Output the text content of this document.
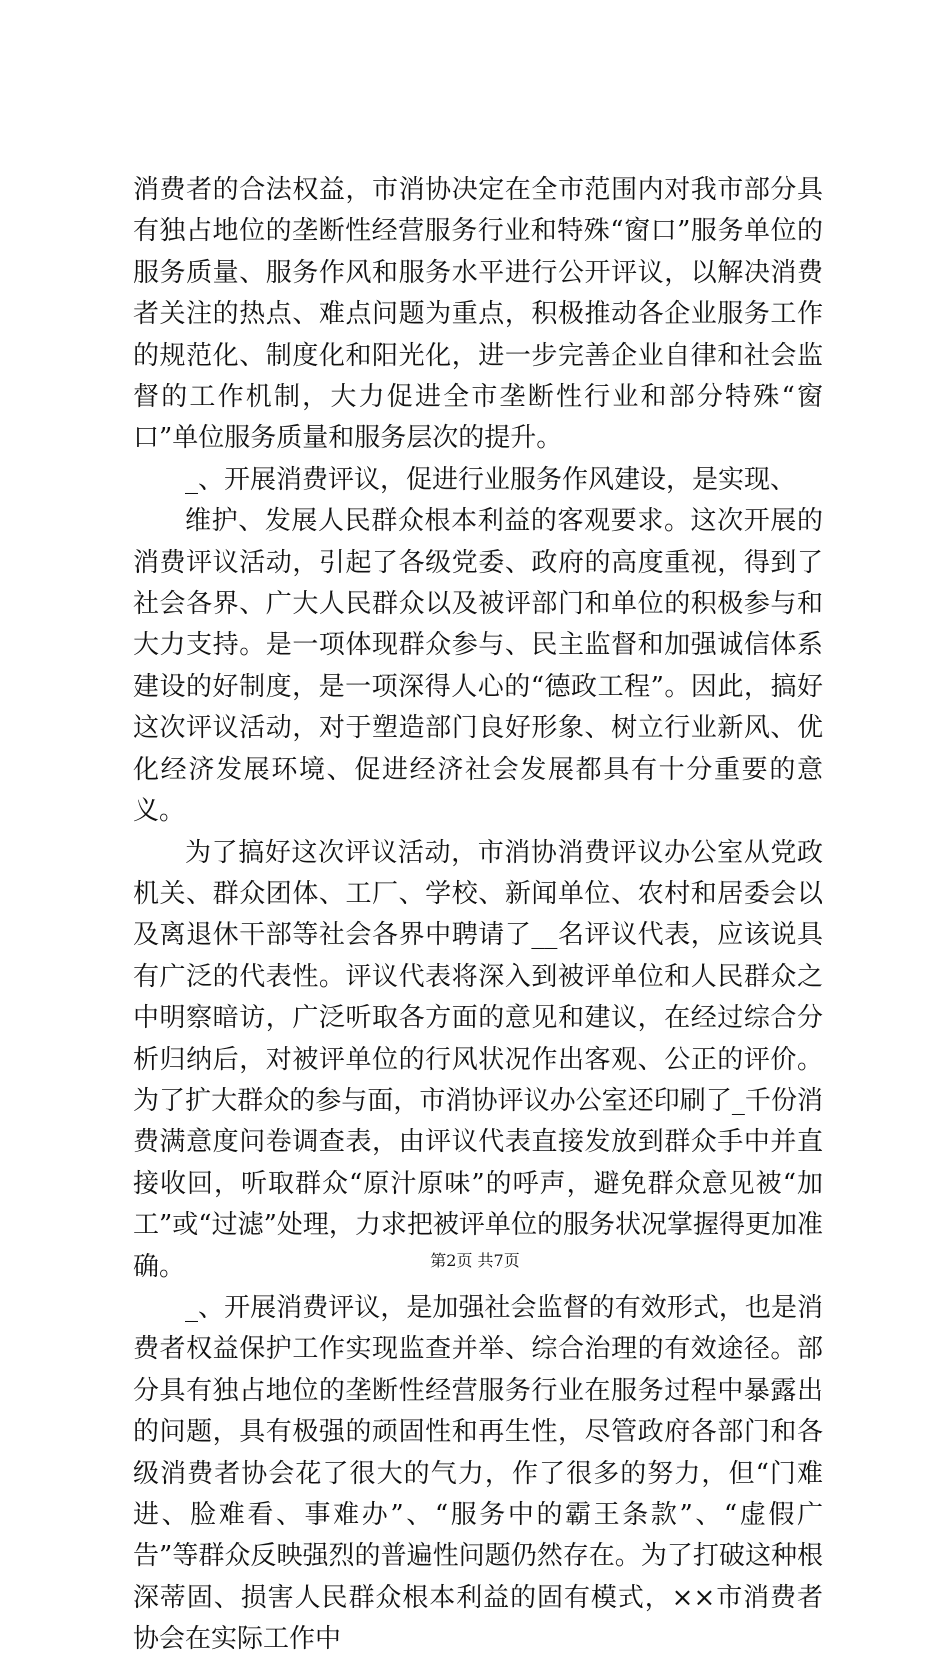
消费者的合法权益，市消协决定在全市范围内对我市部分具有独占地位的垄断性经营服务行业和特殊“窗口”服务单位的服务质量、服务作风和服务水平进行公开评议，以解决消费者关注的热点、难点问题为重点，积极推动各企业服务工作的规范化、制度化和阳光化，进一步完善企业自律和社会监督的工作机制，大力促进全市垄断性行业和部分特殊“窗口”单位服务质量和服务层次的提升。

_、开展消费评议，促进行业服务作风建设，是实现、

维护、发展人民群众根本利益的客观要求。这次开展的消费评议活动，引起了各级党委、政府的高度重视，得到了社会各界、广大人民群众以及被评部门和单位的积极参与和大力支持。是一项体现群众参与、民主监督和加强诚信体系建设的好制度，是一项深得人心的“德政工程”。因此，搞好这次评议活动，对于塑造部门良好形象、树立行业新风、优化经济发展环境、促进经济社会发展都具有十分重要的意义。

为了搞好这次评议活动，市消协消费评议办公室从党政机关、群众团体、工厂、学校、新闻单位、农村和居委会以及离退休干部等社会各界中聘请了__名评议代表，应该说具有广泛的代表性。评议代表将深入到被评单位和人民群众之中明察暗访，广泛听取各方面的意见和建议，在经过综合分析归纳后，对被评单位的行风状况作出客观、公正的评价。为了扩大群众的参与面，市消协评议办公室还印刷了_千份消费满意度问卷调查表，由评议代表直接发放到群众手中并直接收回，听取群众“原汁原味”的呼声，避免群众意见被“加工”或“过滤”处理，力求把被评单位的服务状况掌握得更加准确。

_、开展消费评议，是加强社会监督的有效形式，也是消费者权益保护工作实现监查并举、综合治理的有效途径。部分具有独占地位的垄断性经营服务行业在服务过程中暴露出的问题，具有极强的顽固性和再生性，尽管政府各部门和各级消费者协会花了很大的气力，作了很多的努力，但“门难进、脸难看、事难办”、“服务中的霸王条款”、“虚假广告”等群众反映强烈的普遍性问题仍然存在。为了打破这种根深蒂固、损害人民群众根本利益的固有模式，××市消费者协会在实际工作中

第2页 共7页
